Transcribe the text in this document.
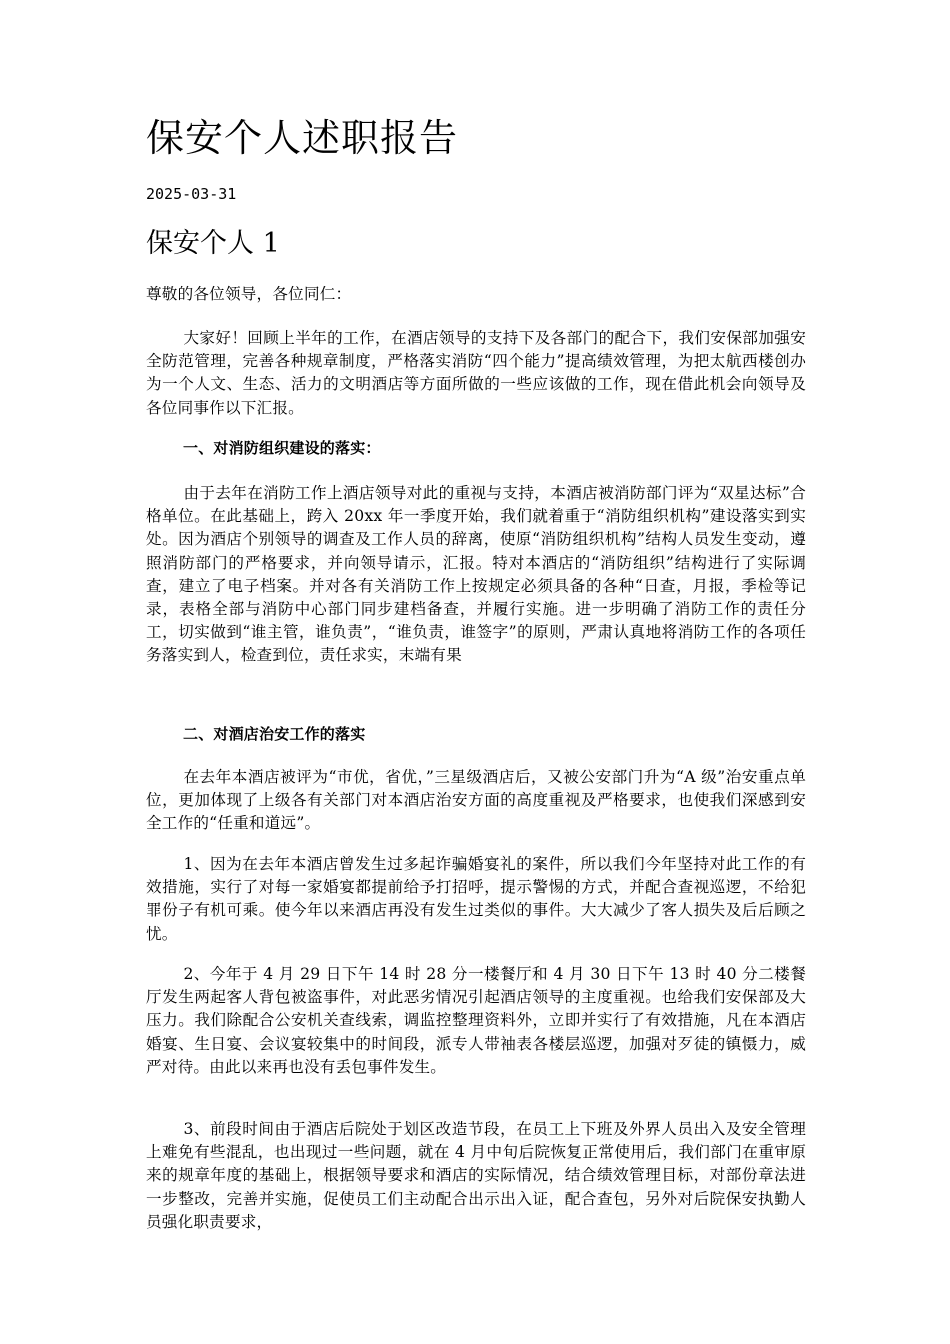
保安个人述职报告
2025-03-31
保安个人 1
尊敬的各位领导，各位同仁：
大家好！回顾上半年的工作，在酒店领导的支持下及各部门的配合下，我们安保部加强安全防范管理，完善各种规章制度，严格落实消防“四个能力”提高绩效管理，为把太航西楼创办为一个人文、生态、活力的文明酒店等方面所做的一些应该做的工作，现在借此机会向领导及各位同事作以下汇报。
一、对消防组织建设的落实：
由于去年在消防工作上酒店领导对此的重视与支持，本酒店被消防部门评为“双星达标”合格单位。在此基础上，跨入 20xx 年一季度开始，我们就着重于“消防组织机构”建设落实到实处。因为酒店个别领导的调查及工作人员的辞离，使原“消防组织机构”结构人员发生变动，遵照消防部门的严格要求，并向领导请示，汇报。特对本酒店的“消防组织”结构进行了实际调查，建立了电子档案。并对各有关消防工作上按规定必须具备的各种“日查，月报，季检等记录，表格全部与消防中心部门同步建档备查，并履行实施。进一步明确了消防工作的责任分工，切实做到“谁主管，谁负责”，“谁负责，谁签字”的原则，严肃认真地将消防工作的各项任务落实到人，检查到位，责任求实，末端有果
二、对酒店治安工作的落实
在去年本酒店被评为“市优，省优，”三星级酒店后，又被公安部门升为“A 级”治安重点单位，更加体现了上级各有关部门对本酒店治安方面的高度重视及严格要求，也使我们深感到安全工作的“任重和道远”。
1、因为在去年本酒店曾发生过多起诈骗婚宴礼的案件，所以我们今年坚持对此工作的有效措施，实行了对每一家婚宴都提前给予打招呼，提示警惕的方式，并配合查视巡逻，不给犯罪份子有机可乘。使今年以来酒店再没有发生过类似的事件。大大减少了客人损失及后后顾之忧。
2、今年于 4 月 29 日下午 14 时 28 分一楼餐厅和 4 月 30 日下午 13 时 40 分二楼餐厅发生两起客人背包被盗事件，对此恶劣情况引起酒店领导的主度重视。也给我们安保部及大压力。我们除配合公安机关查线索，调监控整理资料外，立即并实行了有效措施，凡在本酒店婚宴、生日宴、会议宴较集中的时间段，派专人带袖表各楼层巡逻，加强对歹徒的镇慑力，威严对待。由此以来再也没有丢包事件发生。
3、前段时间由于酒店后院处于划区改造节段，在员工上下班及外界人员出入及安全管理上难免有些混乱，也出现过一些问题，就在 4 月中旬后院恢复正常使用后，我们部门在重审原来的规章年度的基础上，根据领导要求和酒店的实际情况，结合绩效管理目标，对部份章法进一步整改，完善并实施，促使员工们主动配合出示出入证，配合查包，另外对后院保安执勤人员强化职责要求，
